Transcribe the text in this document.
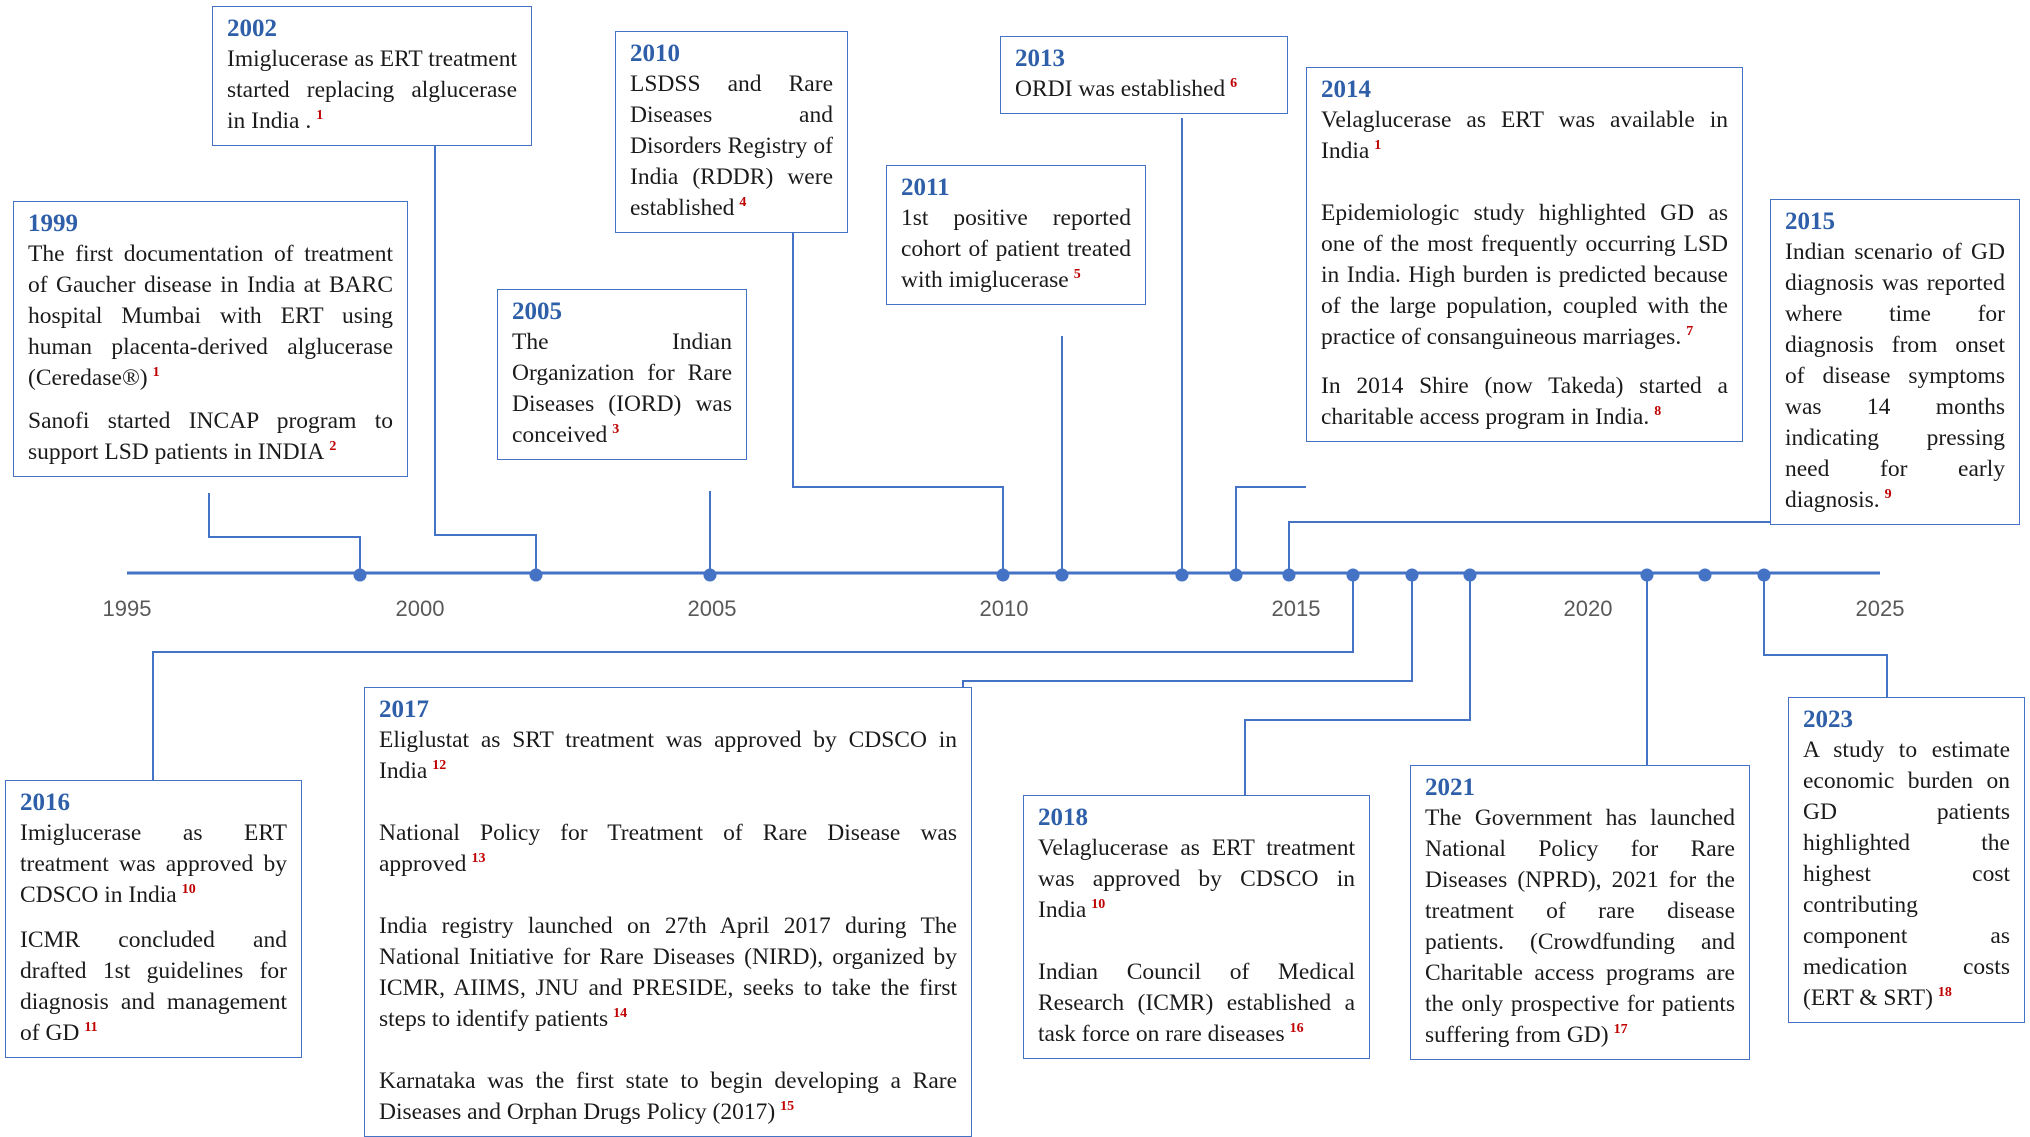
1995	2000	2005	2010	2015	2020	2025
1999

The first documentation of treatment of Gaucher disease in India at BARC hospital Mumbai with ERT using human placenta-derived alglucerase (Ceredase®) $^1$

Sanofi started INCAP program to support LSD patients in INDIA $^2$

2002

Imiglucerase as ERT treatment started replacing alglucerase in India . $^1$

2005

The Indian Organization for Rare Diseases (IORD) was conceived $^3$

2010

LSDSS and Rare Diseases and Disorders Registry of India (RDDR) were established $^4$

2011

1st positive reported cohort of patient treated with imiglucerase $^5$

2013

ORDI was established $^6$	2014

Velaglucerase as ERT was available in India $^1$

Epidemiologic study highlighted GD as one of the most frequently occurring LSD in India. High burden is predicted because of the large population, coupled with the practice of consanguineous marriages. $^7$

In 2014 Shire (now Takeda) started a charitable access program in India. $^8$

2015

Indian scenario of GD diagnosis was reported where time for diagnosis from onset of disease symptoms was 14 months indicating pressing need for early diagnosis. $^9$

2016

Imiglucerase as ERT treatment was approved by CDSCO in India $^{10}$

ICMR concluded and drafted 1st guidelines for diagnosis and management of GD $^{11}$

2017

Eliglustat as SRT treatment was approved by CDSCO in India $^{12}$

National Policy for Treatment of Rare Disease was approved $^{13}$

India registry launched on 27th April 2017 during The National Initiative for Rare Diseases (NIRD), organized by ICMR, AIIMS, JNU and PRESIDE, seeks to take the first steps to identify patients $^{14}$

Karnataka was the first state to begin developing a Rare Diseases and Orphan Drugs Policy (2017) $^{15}$

2018

Velaglucerase as ERT treatment was approved by CDSCO in India $^{10}$

Indian Council of Medical Research (ICMR) established a task force on rare diseases $^{16}$

2021

The Government has launched National Policy for Rare Diseases (NPRD), 2021 for the treatment of rare disease patients. (Crowdfunding and Charitable access programs are the only prospective for patients suffering from GD) $^{17}$

2023

A study to estimate economic burden on GD patients highlighted the highest cost contributing component as medication costs (ERT & SRT) $^{18}$
